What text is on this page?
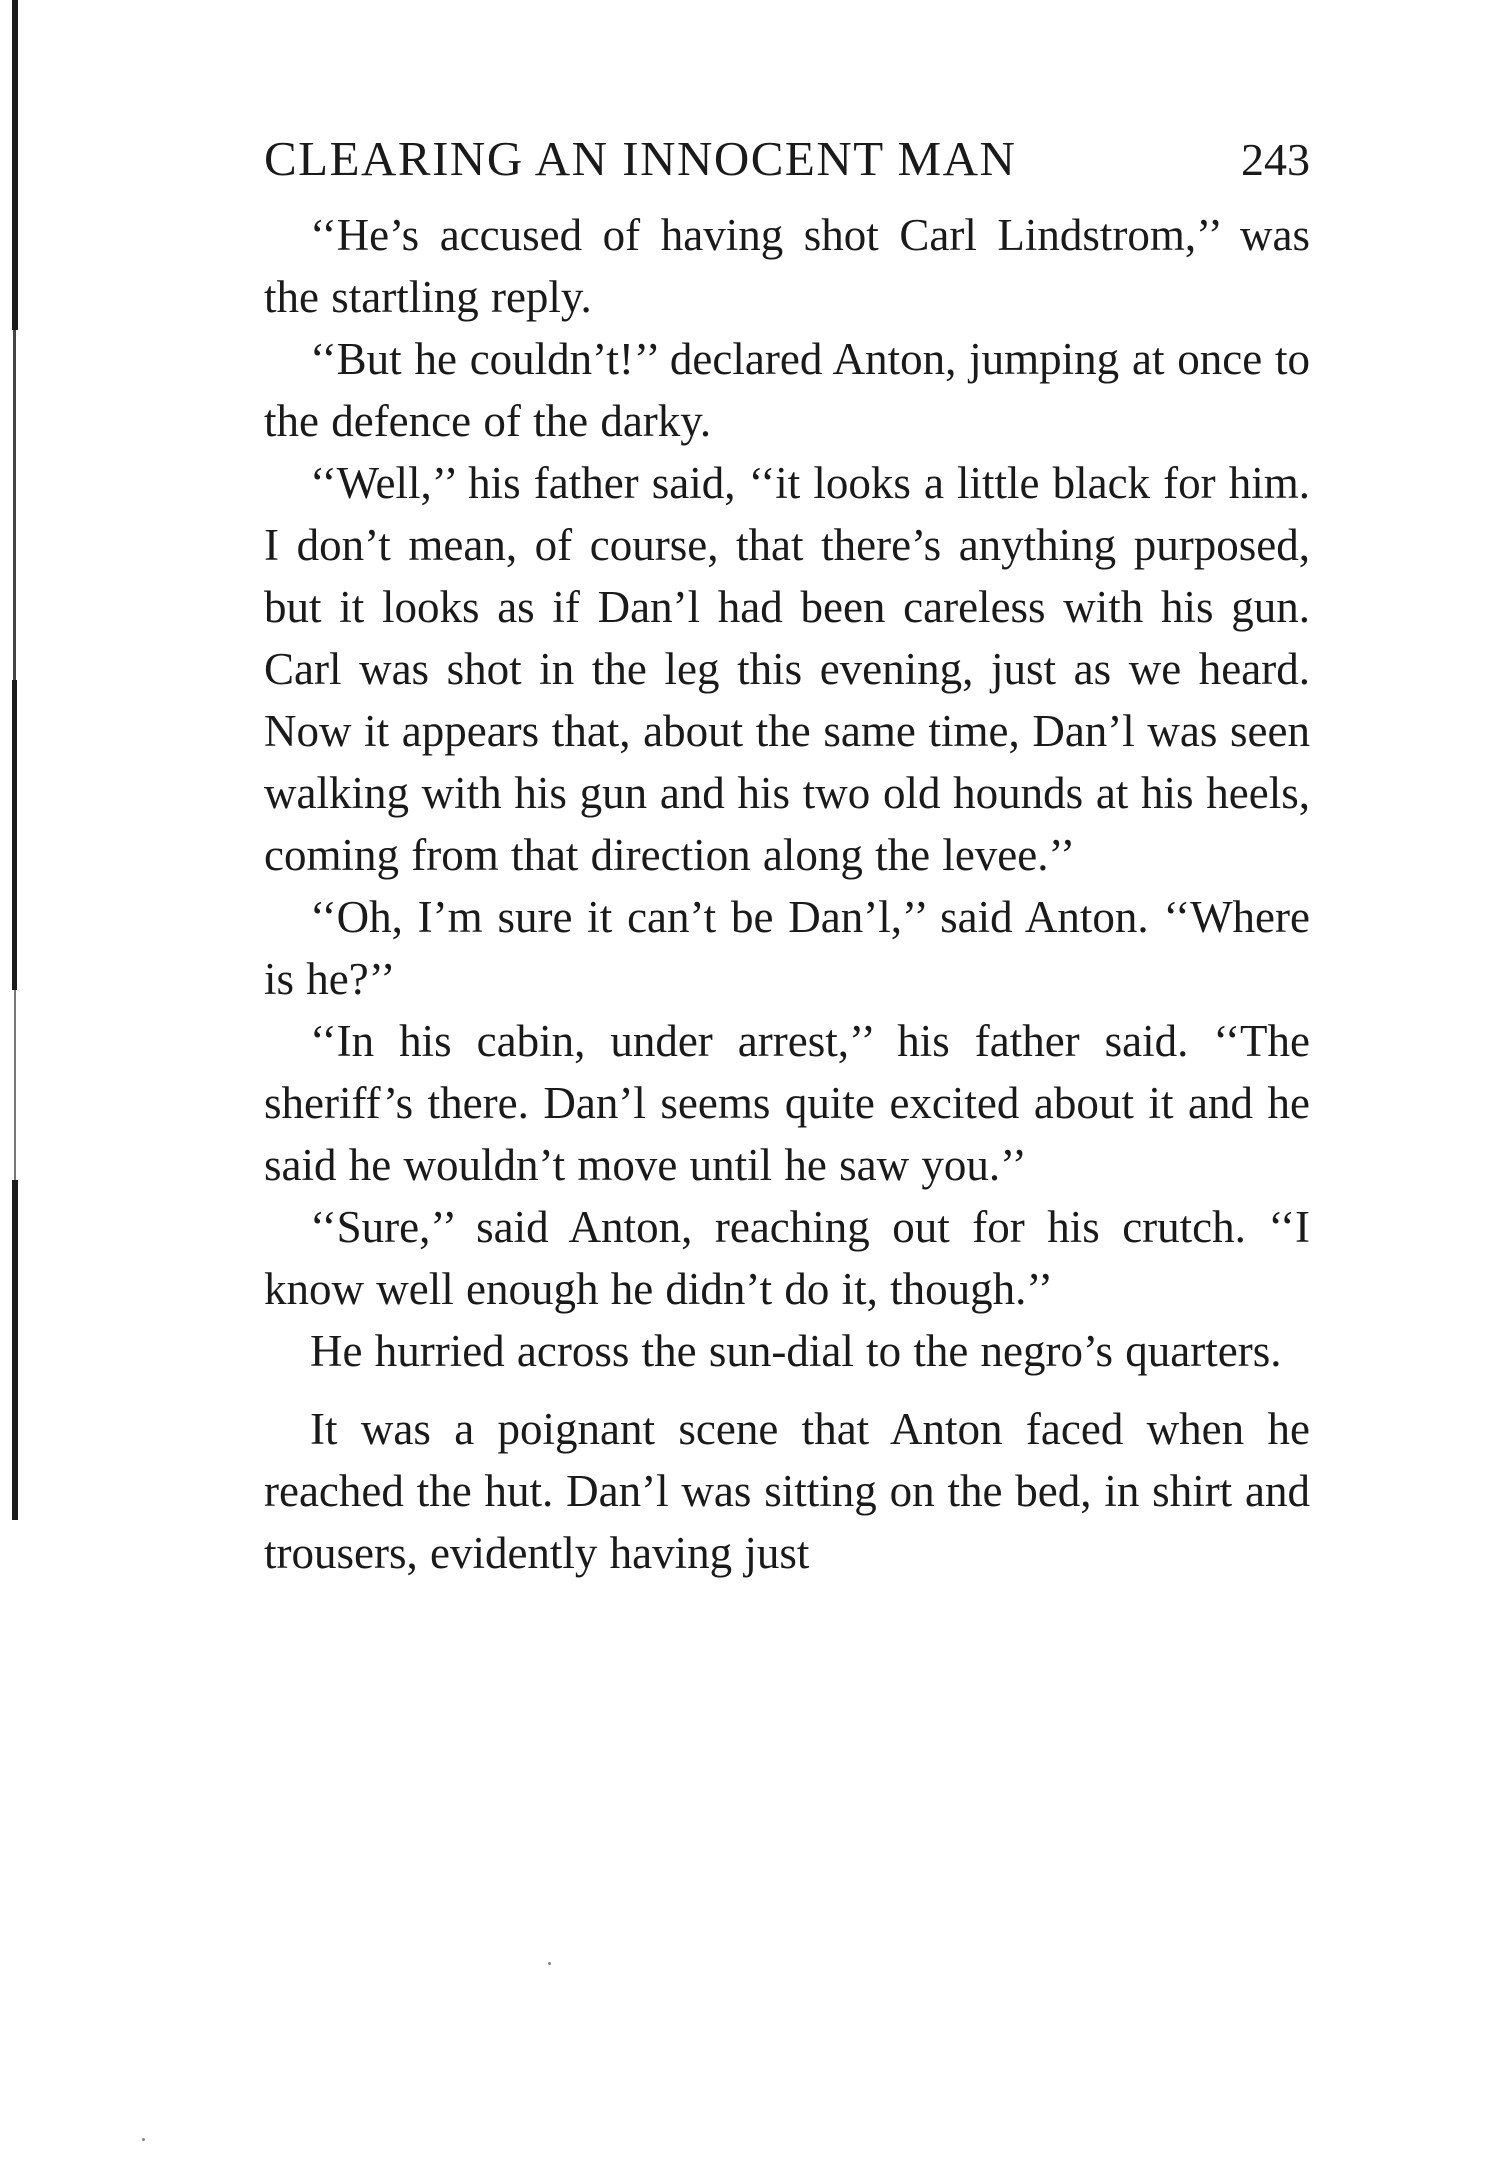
CLEARING AN INNOCENT MAN	243

‘‘He’s accused of having shot Carl Lindstrom,’’ was the startling reply.

‘‘But he couldn’t!’’ declared Anton, jumping at once to the defence of the darky.

‘‘Well,’’ his father said, ‘‘it looks a little black for him. I don’t mean, of course, that there’s anything purposed, but it looks as if Dan’l had been careless with his gun. Carl was shot in the leg this evening, just as we heard. Now it appears that, about the same time, Dan’l was seen walking with his gun and his two old hounds at his heels, coming from that direction along the levee.’’

‘‘Oh, I’m sure it can’t be Dan’l,’’ said Anton. ‘‘Where is he?’’

‘‘In his cabin, under arrest,’’ his father said. ‘‘The sheriff’s there. Dan’l seems quite excited about it and he said he wouldn’t move until he saw you.’’

‘‘Sure,’’ said Anton, reaching out for his crutch. ‘‘I know well enough he didn’t do it, though.’’

He hurried across the sun-dial to the negro’s quarters.

It was a poignant scene that Anton faced when he reached the hut. Dan’l was sitting on the bed, in shirt and trousers, evidently having just
